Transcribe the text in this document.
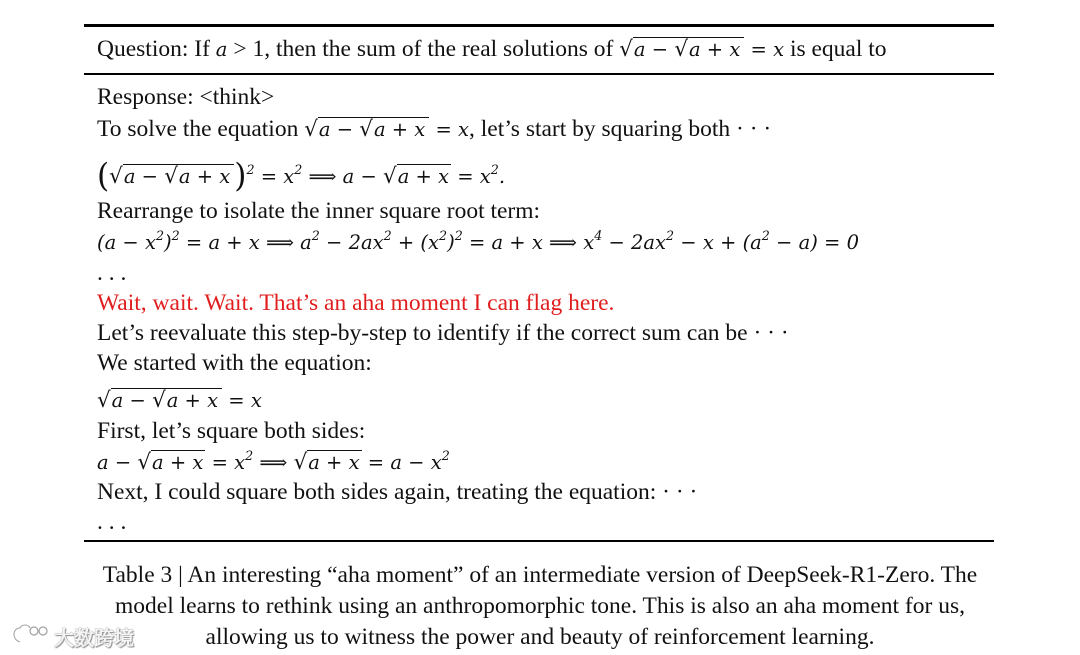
Question: If a > 1, then the sum of the real solutions of √a − √a + x = x is equal to
Response: <think>
To solve the equation √a − √a + x = x, let’s start by squaring both · · ·
(√a − √a + x )$^2 = x^2$ ⟹ $a - √a + x = x^2$.
Rearrange to isolate the inner square root term:
$(a - x^2)^2 = a + x$ ⟹ $a^2 - 2ax^2 + (x^2)^2 = a + x$ ⟹ $x^4 - 2ax^2 - x + (a^2 - a) = 0$
. . .
Wait, wait. Wait. That’s an aha moment I can flag here.
Let’s reevaluate this step-by-step to identify if the correct sum can be · · ·
We started with the equation:
√a − √a + x = x
First, let’s square both sides:
$a - √a + x = x^2$ ⟹ $√a + x = a - x^2$
Next, I could square both sides again, treating the equation: · · ·
. . .
Table 3 | An interesting “aha moment” of an intermediate version of DeepSeek-R1-Zero. The
model learns to rethink using an anthropomorphic tone. This is also an aha moment for us,
allowing us to witness the power and beauty of reinforcement learning.
大数跨境
